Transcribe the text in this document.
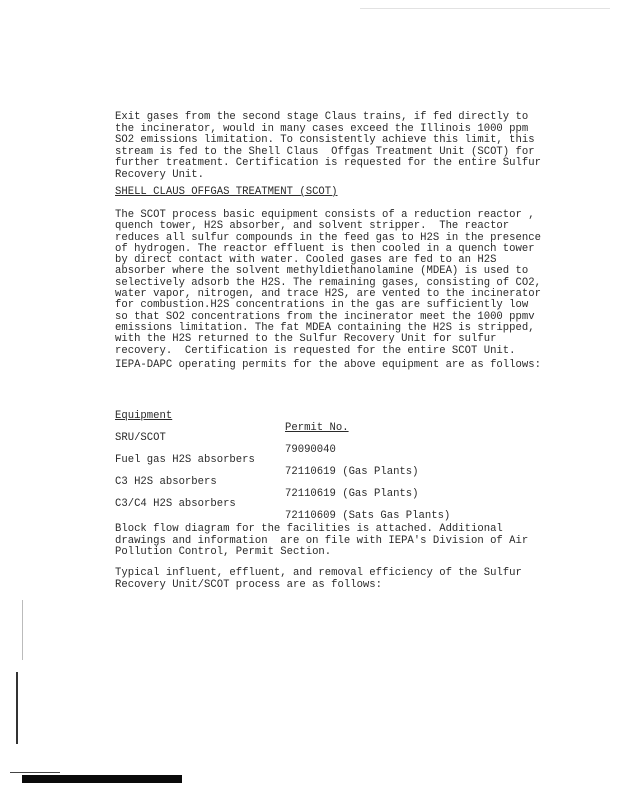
Exit gases from the second stage Claus trains, if fed directly to

the incinerator, would in many cases exceed the Illinois 1000 ppm

SO2 emissions limitation. To consistently achieve this limit, this

stream is fed to the Shell Claus  Offgas Treatment Unit (SCOT) for

further treatment. Certification is requested for the entire Sulfur

Recovery Unit.

SHELL CLAUS OFFGAS TREATMENT (SCOT)

The SCOT process basic equipment consists of a reduction reactor ,

quench tower, H2S absorber, and solvent stripper.  The reactor

reduces all sulfur compounds in the feed gas to H2S in the presence

of hydrogen. The reactor effluent is then cooled in a quench tower

by direct contact with water. Cooled gases are fed to an H2S

absorber where the solvent methyldiethanolamine (MDEA) is used to

selectively adsorb the H2S. The remaining gases, consisting of CO2,

water vapor, nitrogen, and trace H2S, are vented to the incinerator

for combustion.H2S concentrations in the gas are sufficiently low

so that SO2 concentrations from the incinerator meet the 1000 ppmv

emissions limitation. The fat MDEA containing the H2S is stripped,

with the H2S returned to the Sulfur Recovery Unit for sulfur

recovery.  Certification is requested for the entire SCOT Unit.

IEPA-DAPC operating permits for the above equipment are as follows:

Equipment

Permit No.

SRU/SCOT

79090040

Fuel gas H2S absorbers

72110619 (Gas Plants)

C3 H2S absorbers

72110619 (Gas Plants)

C3/C4 H2S absorbers

72110609 (Sats Gas Plants)

Block flow diagram for the facilities is attached. Additional

drawings and information  are on file with IEPA's Division of Air

Pollution Control, Permit Section.

Typical influent, effluent, and removal efficiency of the Sulfur

Recovery Unit/SCOT process are as follows:
